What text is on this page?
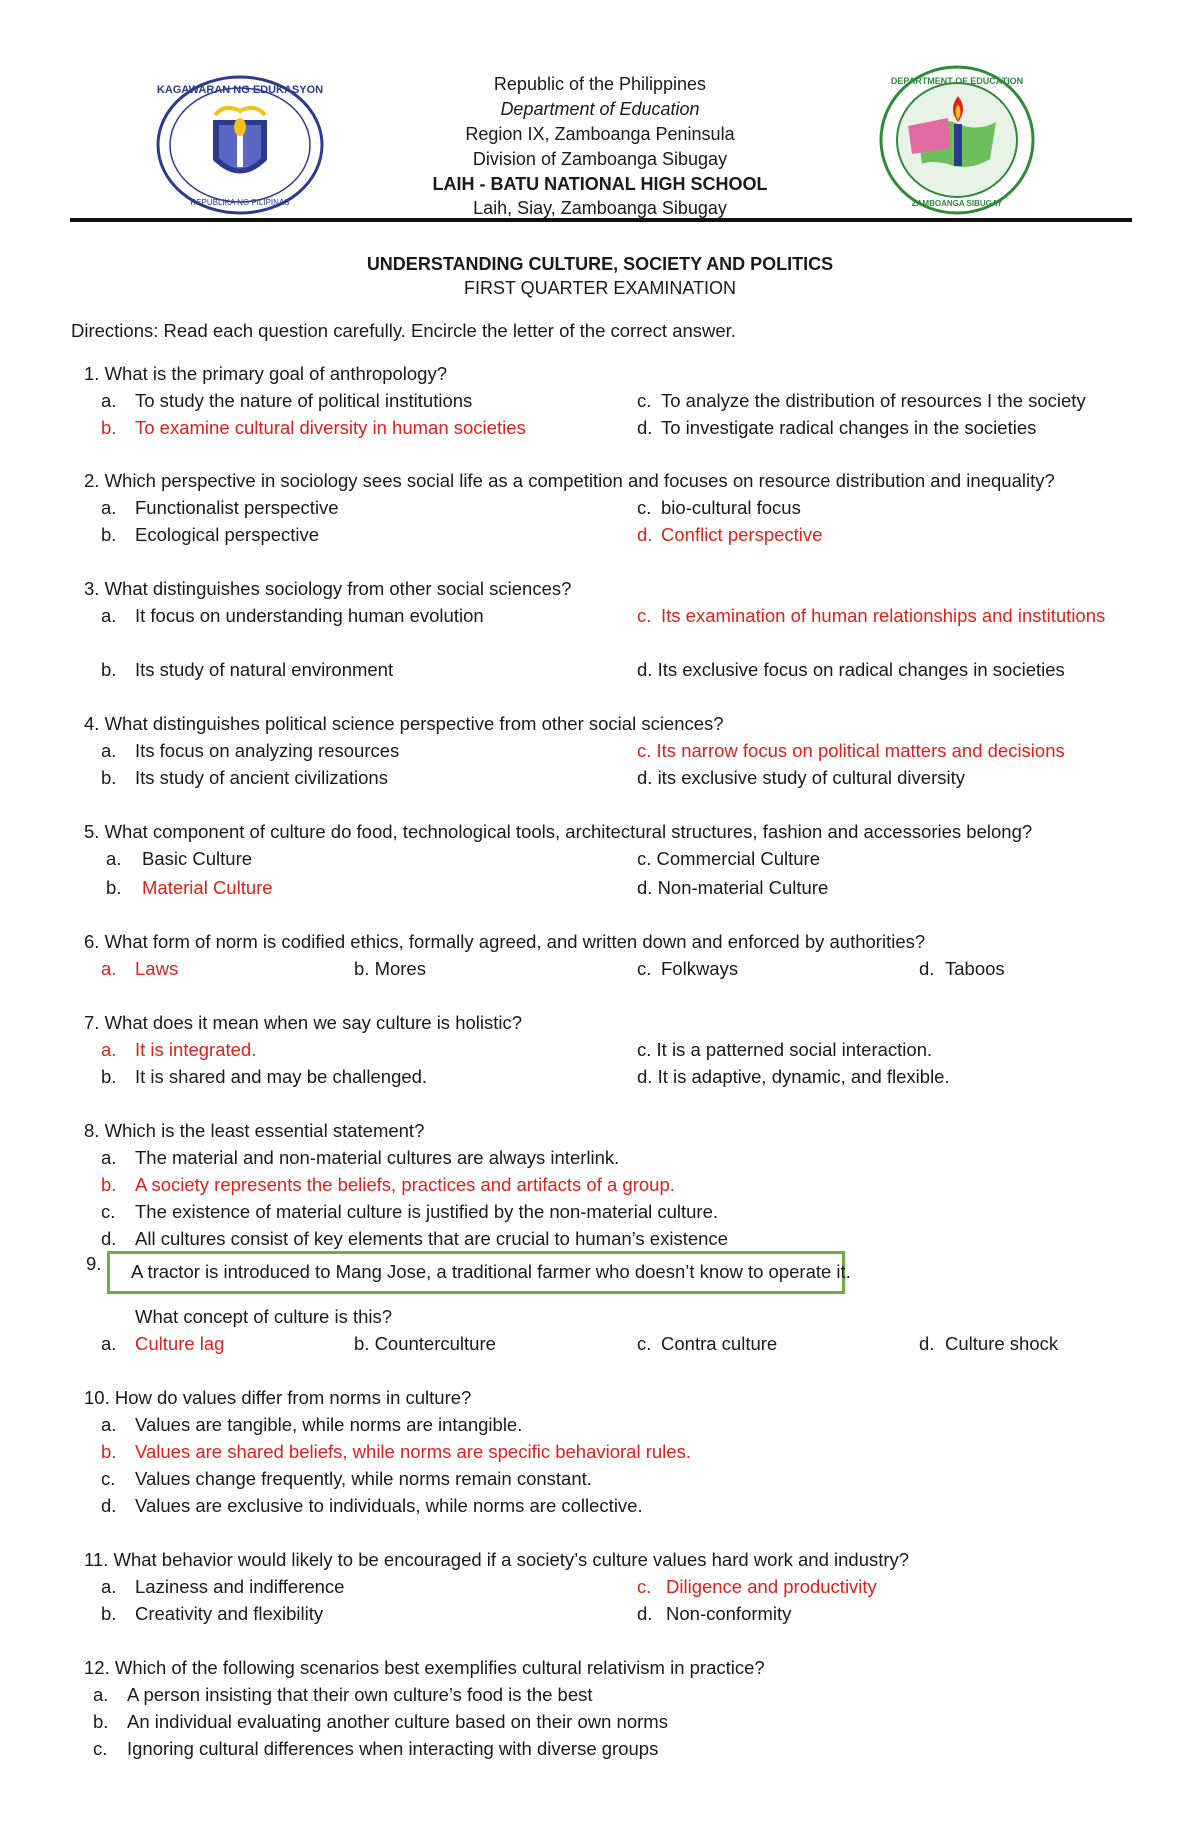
KAGAWARAN NG EDUKASYON
REPUBLIKA NG PILIPINAS
DEPARTMENT OF EDUCATION
ZAMBOANGA SIBUGAY
Republic of the Philippines
Department of Education
Region IX, Zamboanga Peninsula
Division of Zamboanga Sibugay
LAIH - BATU NATIONAL HIGH SCHOOL
Laih, Siay, Zamboanga Sibugay
UNDERSTANDING CULTURE, SOCIETY AND POLITICS
FIRST QUARTER EXAMINATION
Directions: Read each question carefully. Encircle the letter of the correct answer.
1. What is the primary goal of anthropology?
a. To study the nature of political institutions
b. To examine cultural diversity in human societies
c. To analyze the distribution of resources I the society
d. To investigate radical changes in the societies
2. Which perspective in sociology sees social life as a competition and focuses on resource distribution and inequality?
a. Functionalist perspective
b. Ecological perspective
c. bio-cultural focus
d. Conflict perspective
3. What distinguishes sociology from other social sciences?
a. It focus on understanding human evolution	c. Its examination of human relationships and institutions
b. Its study of natural environment	d. Its exclusive focus on radical changes in societies
4. What distinguishes political science perspective from other social sciences?
a. Its focus on analyzing resources
b. Its study of ancient civilizations
c. Its narrow focus on political matters and decisions
d. its exclusive study of cultural diversity
5. What component of culture do food, technological tools, architectural structures, fashion and accessories belong?
a. Basic Culture
b. Material Culture
c. Commercial Culture
d. Non-material Culture
6. What form of norm is codified ethics, formally agreed, and written down and enforced by authorities?
a. Laws	b. Mores	c. Folkways	d. Taboos
7. What does it mean when we say culture is holistic?
a. It is integrated.
b. It is shared and may be challenged.
c. It is a patterned social interaction.
d. It is adaptive, dynamic, and flexible.
8. Which is the least essential statement?
a. The material and non-material cultures are always interlink.
b. A society represents the beliefs, practices and artifacts of a group.
c. The existence of material culture is justified by the non-material culture.
d. All cultures consist of key elements that are crucial to human’s existence
9. A tractor is introduced to Mang Jose, a traditional farmer who doesn’t know to operate it.
What concept of culture is this?
a. Culture lag	b. Counterculture	c. Contra culture	d. Culture shock
10. How do values differ from norms in culture?
a. Values are tangible, while norms are intangible.
b. Values are shared beliefs, while norms are specific behavioral rules.
c. Values change frequently, while norms remain constant.
d. Values are exclusive to individuals, while norms are collective.
11. What behavior would likely to be encouraged if a society’s culture values hard work and industry?
a. Laziness and indifference
b. Creativity and flexibility
c. Diligence and productivity
d. Non-conformity
12. Which of the following scenarios best exemplifies cultural relativism in practice?
a. A person insisting that their own culture’s food is the best
b. An individual evaluating another culture based on their own norms
c. Ignoring cultural differences when interacting with diverse groups
